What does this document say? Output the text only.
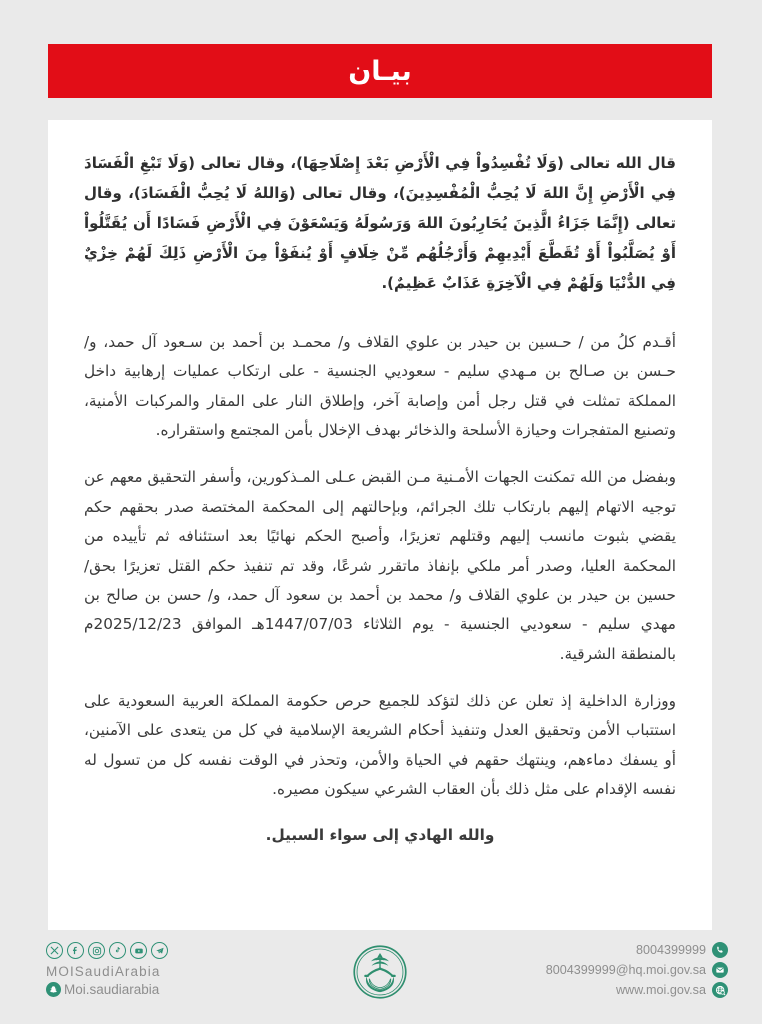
بيـان

قال الله تعالى (وَلَا تُفْسِدُواْ فِي الْأَرْضِ بَعْدَ إِصْلَاحِهَا)، وقال تعالى (وَلَا تَبْغِ الْفَسَادَ فِي الْأَرْضِ إِنَّ اللهَ لَا يُحِبُّ الْمُفْسِدِينَ)، وقال تعالى (وَاللهُ لَا يُحِبُّ الْفَسَادَ)، وقال تعالى (إِنَّمَا جَزَاءُ الَّذِينَ يُحَارِبُونَ اللهَ وَرَسُولَهُ وَيَسْعَوْنَ فِي الْأَرْضِ فَسَادًا أَن يُقَتَّلُواْ أَوْ يُصَلَّبُواْ أَوْ تُقَطَّعَ أَيْدِيهِمْ وَأَرْجُلُهُم مِّنْ خِلَافٍ أَوْ يُنفَوْاْ مِنَ الْأَرْضِ ذَلِكَ لَهُمْ خِزْيٌ فِي الدُّنْيَا وَلَهُمْ فِي الْآخِرَةِ عَذَابٌ عَظِيمٌ).

أقـدم كلُ من / حـسين بن حيدر بن علوي القلاف و/ محمـد بن أحمد بن سـعود آل حمد، و/ حـسن بن صـالح بن مـهدي سليم - سعوديي الجنسية - على ارتكاب عمليات إرهابية داخل المملكة تمثلت في قتل رجل أمن وإصابة آخر، وإطلاق النار على المقار والمركبات الأمنية، وتصنيع المتفجرات وحيازة الأسلحة والذخائر بهدف الإخلال بأمن المجتمع واستقراره.

وبفضل من الله تمكنت الجهات الأمـنية مـن القبض عـلى المـذكورين، وأسفر التحقيق معهم عن توجيه الاتهام إليهم بارتكاب تلك الجرائم، وبإحالتهم إلى المحكمة المختصة صدر بحقهم حكم يقضي بثبوت مانسب إليهم وقتلهم تعزيرًا، وأصبح الحكم نهائيًا بعد استئنافه ثم تأييده من المحكمة العليا، وصدر أمر ملكي بإنفاذ ماتقرر شرعًا، وقد تم تنفيذ حكم القتل تعزيرًا بحق/ حسين بن حيدر بن علوي القلاف و/ محمد بن أحمد بن سعود آل حمد، و/ حسن بن صالح بن مهدي سليم - سعوديي الجنسية - يوم الثلاثاء 1447/07/03هـ الموافق 2025/12/23م بالمنطقة الشرقية.

ووزارة الداخلية إذ تعلن عن ذلك لتؤكد للجميع حرص حكومة المملكة العربية السعودية على استتباب الأمن وتحقيق العدل وتنفيذ أحكام الشريعة الإسلامية في كل من يتعدى على الآمنين، أو يسفك دماءهم، وينتهك حقهم في الحياة والأمن، وتحذر في الوقت نفسه كل من تسول له نفسه الإقدام على مثل ذلك بأن العقاب الشرعي سيكون مصيره.

والله الهادي إلى سواء السبيل.

MOISaudiArabia
Moi.saudiarabia
8004399999
8004399999@hq.moi.gov.sa
www.moi.gov.sa
